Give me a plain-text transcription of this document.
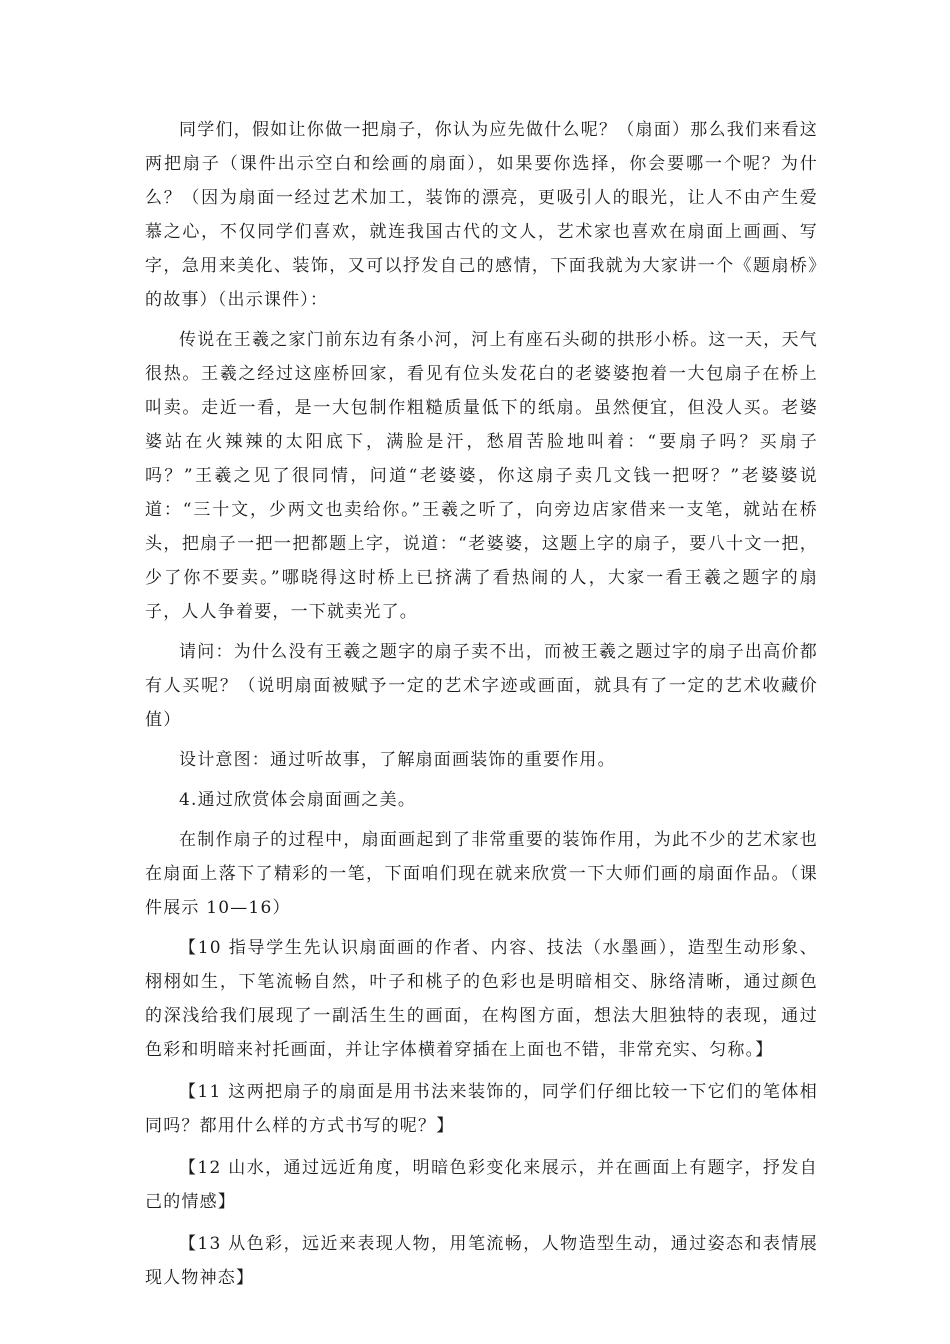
同学们，假如让你做一把扇子，你认为应先做什么呢？（扇面）那么我们来看这两把扇子（课件出示空白和绘画的扇面），如果要你选择，你会要哪一个呢？为什么？（因为扇面一经过艺术加工，装饰的漂亮，更吸引人的眼光，让人不由产生爱慕之心，不仅同学们喜欢，就连我国古代的文人，艺术家也喜欢在扇面上画画、写字，急用来美化、装饰，又可以抒发自己的感情，下面我就为大家讲一个《题扇桥》的故事）（出示课件）：

传说在王羲之家门前东边有条小河，河上有座石头砌的拱形小桥。这一天，天气很热。王羲之经过这座桥回家，看见有位头发花白的老婆婆抱着一大包扇子在桥上叫卖。走近一看，是一大包制作粗糙质量低下的纸扇。虽然便宜，但没人买。老婆婆站在火辣辣的太阳底下，满脸是汗，愁眉苦脸地叫着：“要扇子吗？买扇子吗？”王羲之见了很同情，问道“老婆婆，你这扇子卖几文钱一把呀？”老婆婆说道：“三十文，少两文也卖给你。”王羲之听了，向旁边店家借来一支笔，就站在桥头，把扇子一把一把都题上字，说道：“老婆婆，这题上字的扇子，要八十文一把，少了你不要卖。”哪晓得这时桥上已挤满了看热闹的人，大家一看王羲之题字的扇子，人人争着要，一下就卖光了。

请问：为什么没有王羲之题字的扇子卖不出，而被王羲之题过字的扇子出高价都有人买呢？（说明扇面被赋予一定的艺术字迹或画面，就具有了一定的艺术收藏价值）

设计意图：通过听故事，了解扇面画装饰的重要作用。

4.通过欣赏体会扇面画之美。

在制作扇子的过程中，扇面画起到了非常重要的装饰作用，为此不少的艺术家也在扇面上落下了精彩的一笔，下面咱们现在就来欣赏一下大师们画的扇面作品。（课件展示 10—16）

【10 指导学生先认识扇面画的作者、内容、技法（水墨画），造型生动形象、栩栩如生，下笔流畅自然，叶子和桃子的色彩也是明暗相交、脉络清晰，通过颜色的深浅给我们展现了一副活生生的画面，在构图方面，想法大胆独特的表现，通过色彩和明暗来衬托画面，并让字体横着穿插在上面也不错，非常充实、匀称。】

【11 这两把扇子的扇面是用书法来装饰的，同学们仔细比较一下它们的笔体相同吗？都用什么样的方式书写的呢？】

【12 山水，通过远近角度，明暗色彩变化来展示，并在画面上有题字，抒发自己的情感】

【13 从色彩，远近来表现人物，用笔流畅，人物造型生动，通过姿态和表情展现人物神态】
